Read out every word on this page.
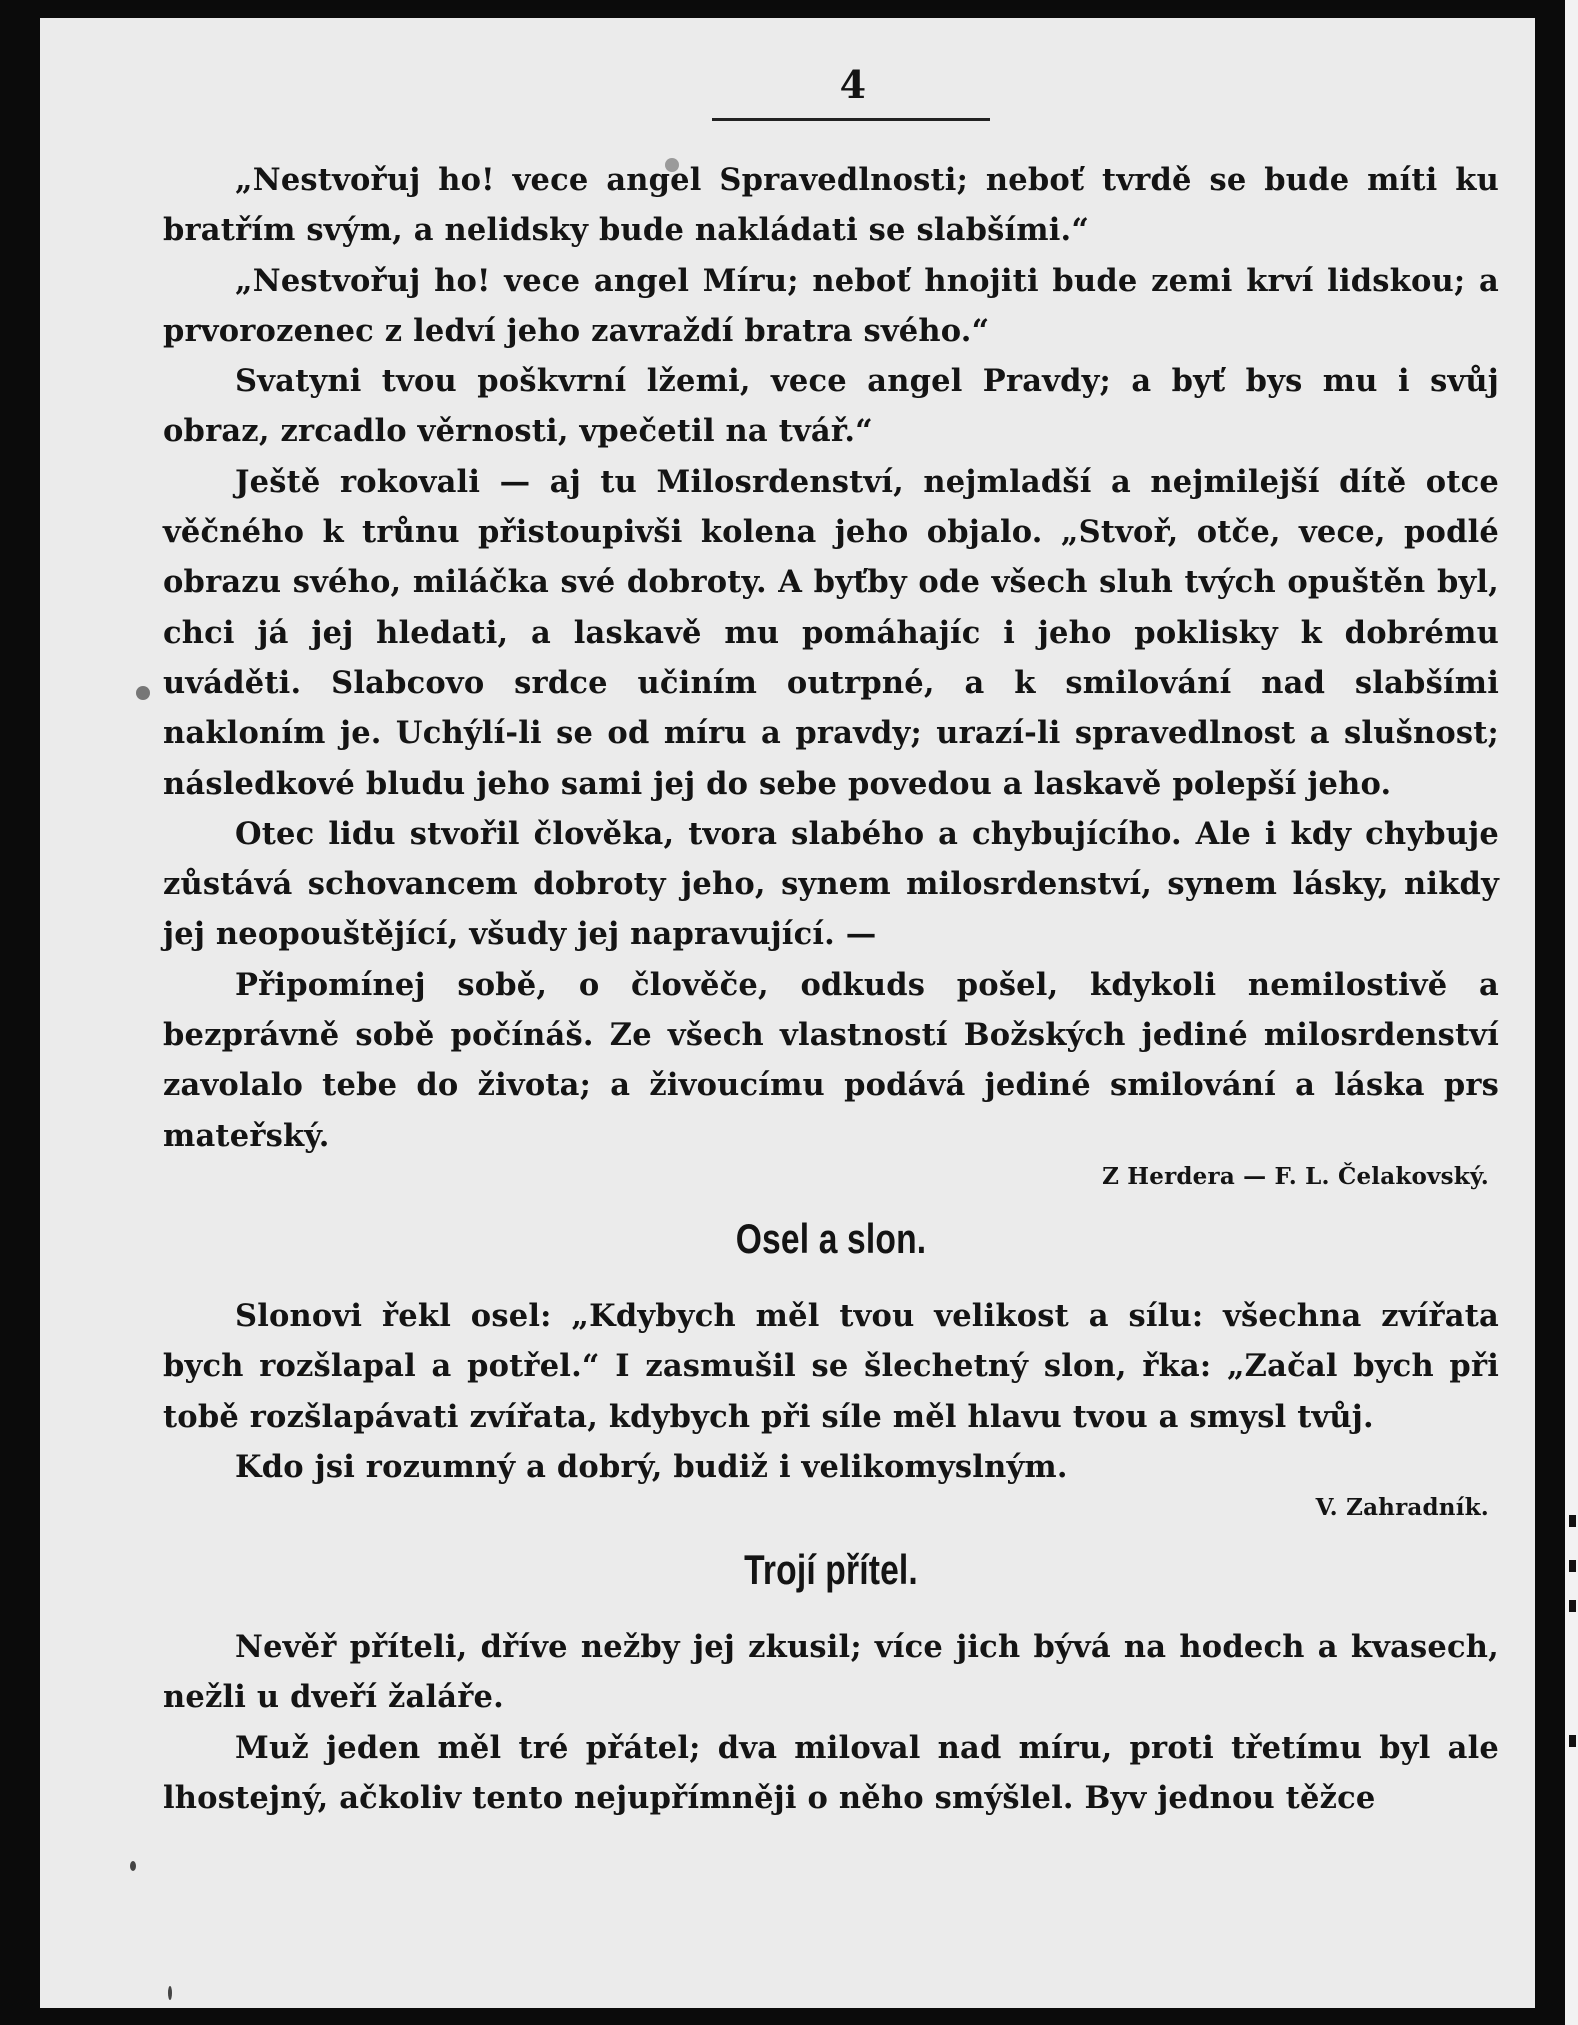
4

„Nestvořuj ho! vece angel Spravedlnosti; neboť tvrdě se bude míti ku bratřím svým, a nelidsky bude nakládati se slabšími.“

„Nestvořuj ho! vece angel Míru; neboť hnojiti bude zemi krví lidskou; a prvorozenec z ledví jeho zavraždí bratra svého.“

Svatyni tvou poškvrní lžemi, vece angel Pravdy; a byť bys mu i svůj obraz, zrcadlo věrnosti, vpečetil na tvář.“

Ještě rokovali — aj tu Milosrdenství, nejmladší a nejmilejší dítě otce věčného k trůnu přistoupivši kolena jeho objalo. „Stvoř, otče, vece, podlé obrazu svého, miláčka své dobroty. A byťby ode všech sluh tvých opuštěn byl, chci já jej hledati, a laskavě mu pomáhajíc i jeho poklisky k dobrému uváděti. Slabcovo srdce učiním outrpné, a k smilování nad slabšími nakloním je. Uchýlí-li se od míru a pravdy; urazí-li spravedlnost a slušnost; následkové bludu jeho sami jej do sebe povedou a laskavě polepší jeho.

Otec lidu stvořil člověka, tvora slabého a chybujícího. Ale i kdy chybuje zůstává schovancem dobroty jeho, synem milosrdenství, synem lásky, nikdy jej neopouštějící, všudy jej napravující. —

Připomínej sobě, o člověče, odkuds pošel, kdykoli nemilostivě a bezprávně sobě počínáš. Ze všech vlastností Božských jediné milosrdenství zavolalo tebe do života; a živoucímu podává jediné smilování a láska prs mateřský.

Z Herdera — F. L. Čelakovský.
Osel a slon.

Slonovi řekl osel: „Kdybych měl tvou velikost a sílu: všechna zvířata bych rozšlapal a potřel.“ I zasmušil se šlechetný slon, řka: „Začal bych při tobě rozšlapávati zvířata, kdybych při síle měl hlavu tvou a smysl tvůj.

Kdo jsi rozumný a dobrý, budiž i velikomyslným.

V. Zahradník.
Trojí přítel.

Nevěř příteli, dříve nežby jej zkusil; více jich bývá na hodech a kvasech, nežli u dveří žaláře.

Muž jeden měl tré přátel; dva miloval nad míru, proti třetímu byl ale lhostejný, ačkoliv tento nejupřímněji o něho smýšlel. Byv jednou těžce
